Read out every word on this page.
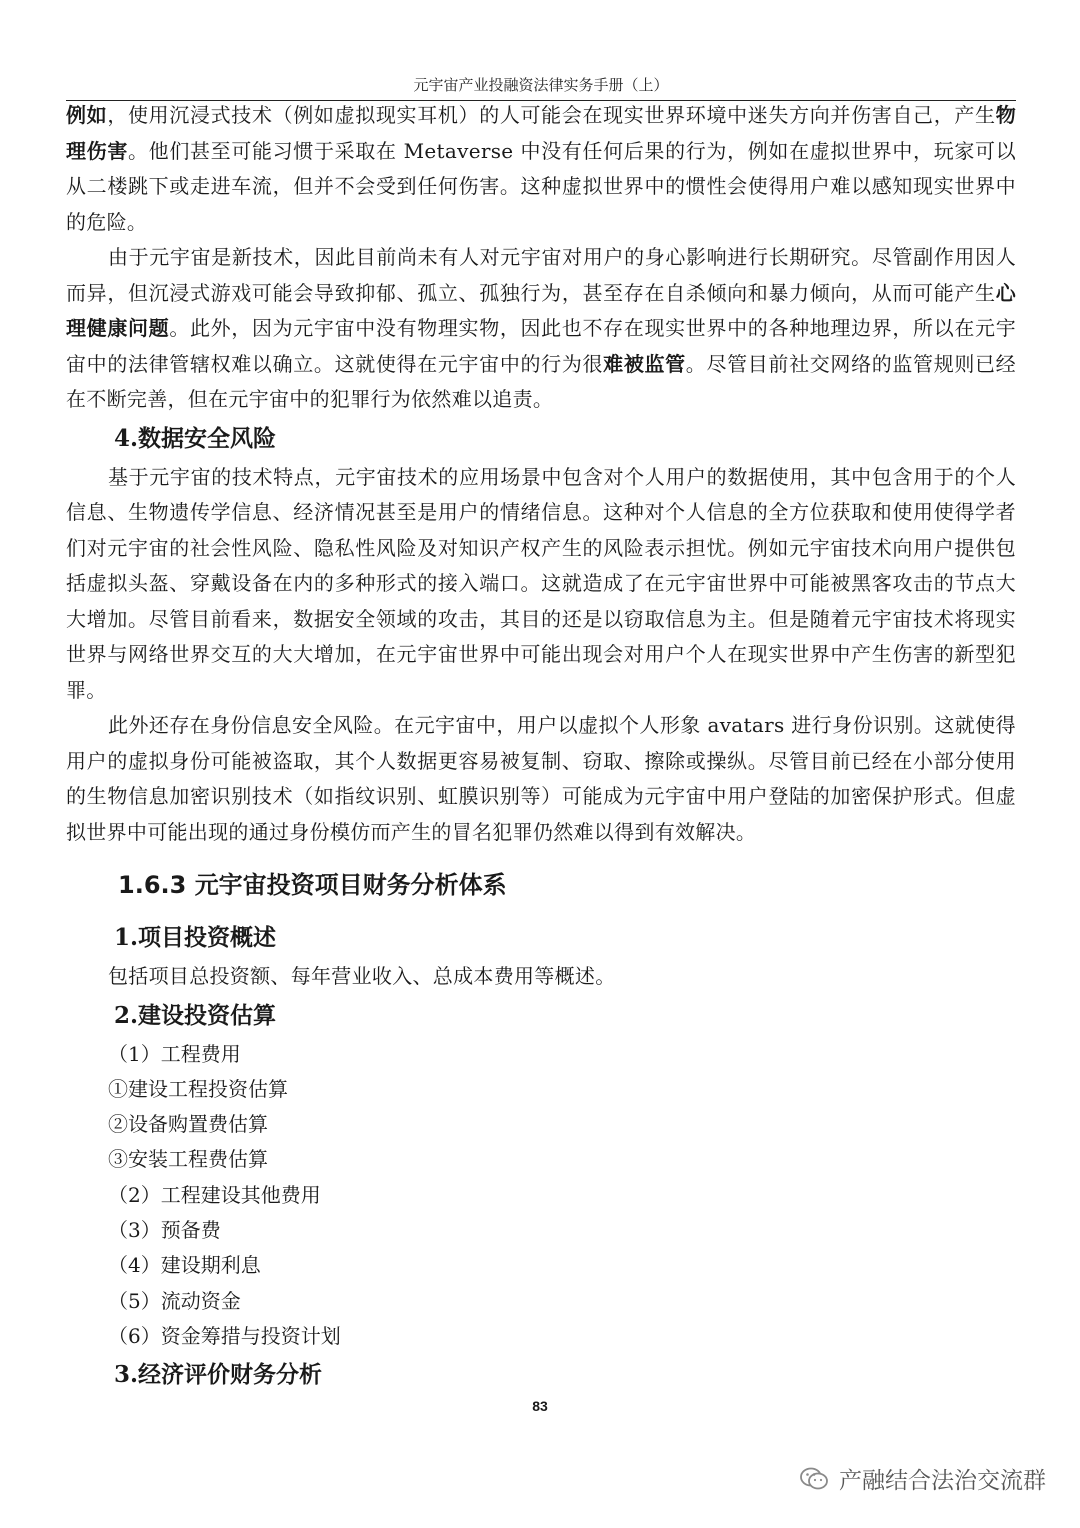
元宇宙产业投融资法律实务手册（上）

例如，使用沉浸式技术（例如虚拟现实耳机）的人可能会在现实世界环境中迷失方向并伤害自己，产生物理伤害。他们甚至可能习惯于采取在 Metaverse 中没有任何后果的行为，例如在虚拟世界中，玩家可以从二楼跳下或走进车流，但并不会受到任何伤害。这种虚拟世界中的惯性会使得用户难以感知现实世界中的危险。

由于元宇宙是新技术，因此目前尚未有人对元宇宙对用户的身心影响进行长期研究。尽管副作用因人而异，但沉浸式游戏可能会导致抑郁、孤立、孤独行为，甚至存在自杀倾向和暴力倾向，从而可能产生心理健康问题。此外，因为元宇宙中没有物理实物，因此也不存在现实世界中的各种地理边界，所以在元宇宙中的法律管辖权难以确立。这就使得在元宇宙中的行为很难被监管。尽管目前社交网络的监管规则已经在不断完善，但在元宇宙中的犯罪行为依然难以追责。

4.数据安全风险

基于元宇宙的技术特点，元宇宙技术的应用场景中包含对个人用户的数据使用，其中包含用于的个人信息、生物遗传学信息、经济情况甚至是用户的情绪信息。这种对个人信息的全方位获取和使用使得学者们对元宇宙的社会性风险、隐私性风险及对知识产权产生的风险表示担忧。例如元宇宙技术向用户提供包括虚拟头盔、穿戴设备在内的多种形式的接入端口。这就造成了在元宇宙世界中可能被黑客攻击的节点大大增加。尽管目前看来，数据安全领域的攻击，其目的还是以窃取信息为主。但是随着元宇宙技术将现实世界与网络世界交互的大大增加，在元宇宙世界中可能出现会对用户个人在现实世界中产生伤害的新型犯罪。

此外还存在身份信息安全风险。在元宇宙中，用户以虚拟个人形象 avatars 进行身份识别。这就使得用户的虚拟身份可能被盗取，其个人数据更容易被复制、窃取、擦除或操纵。尽管目前已经在小部分使用的生物信息加密识别技术（如指纹识别、虹膜识别等）可能成为元宇宙中用户登陆的加密保护形式。但虚拟世界中可能出现的通过身份模仿而产生的冒名犯罪仍然难以得到有效解决。

1.6.3 元宇宙投资项目财务分析体系
1.项目投资概述

包括项目总投资额、每年营业收入、总成本费用等概述。

2.建设投资估算

（1）工程费用

①建设工程投资估算

②设备购置费估算

③安装工程费估算

（2）工程建设其他费用

（3）预备费

（4）建设期利息

（5）流动资金

（6）资金筹措与投资计划

3.经济评价财务分析
83
产融结合法治交流群
